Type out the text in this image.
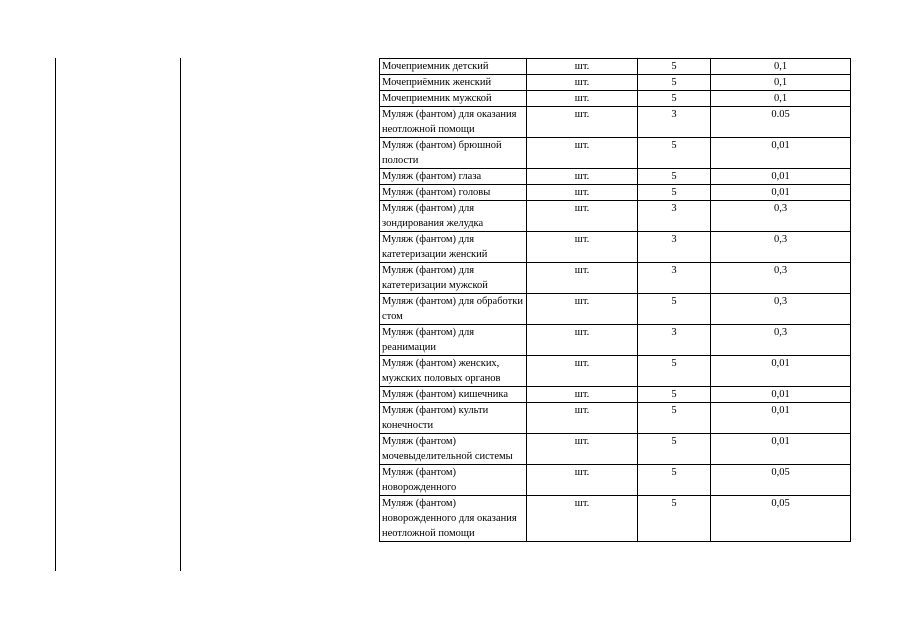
Мочеприемник детский	шт.	5	0,1
Мочеприёмник женский	шт.	5	0,1
Мочеприемник мужской	шт.	5	0,1
Муляж (фантом) для оказания неотложной помощи	шт.	3	0.05
Муляж (фантом) брюшной полости	шт.	5	0,01
Муляж (фантом) глаза	шт.	5	0,01
Муляж (фантом) головы	шт.	5	0,01
Муляж (фантом) для зондирования желудка	шт.	3	0,3
Муляж (фантом) для катетеризации женский	шт.	3	0,3
Муляж (фантом) для катетеризации мужской	шт.	3	0,3
Муляж (фантом) для обработки стом	шт.	5	0,3
Муляж (фантом) для реанимации	шт.	3	0,3
Муляж (фантом) женских, мужских половых органов	шт.	5	0,01
Муляж (фантом) кишечника	шт.	5	0,01
Муляж (фантом) культи конечности	шт.	5	0,01
Муляж (фантом) мочевыделительной системы	шт.	5	0,01
Муляж (фантом) новорожденного	шт.	5	0,05
Муляж (фантом) новорожденного для оказания неотложной помощи	шт.	5	0,05
